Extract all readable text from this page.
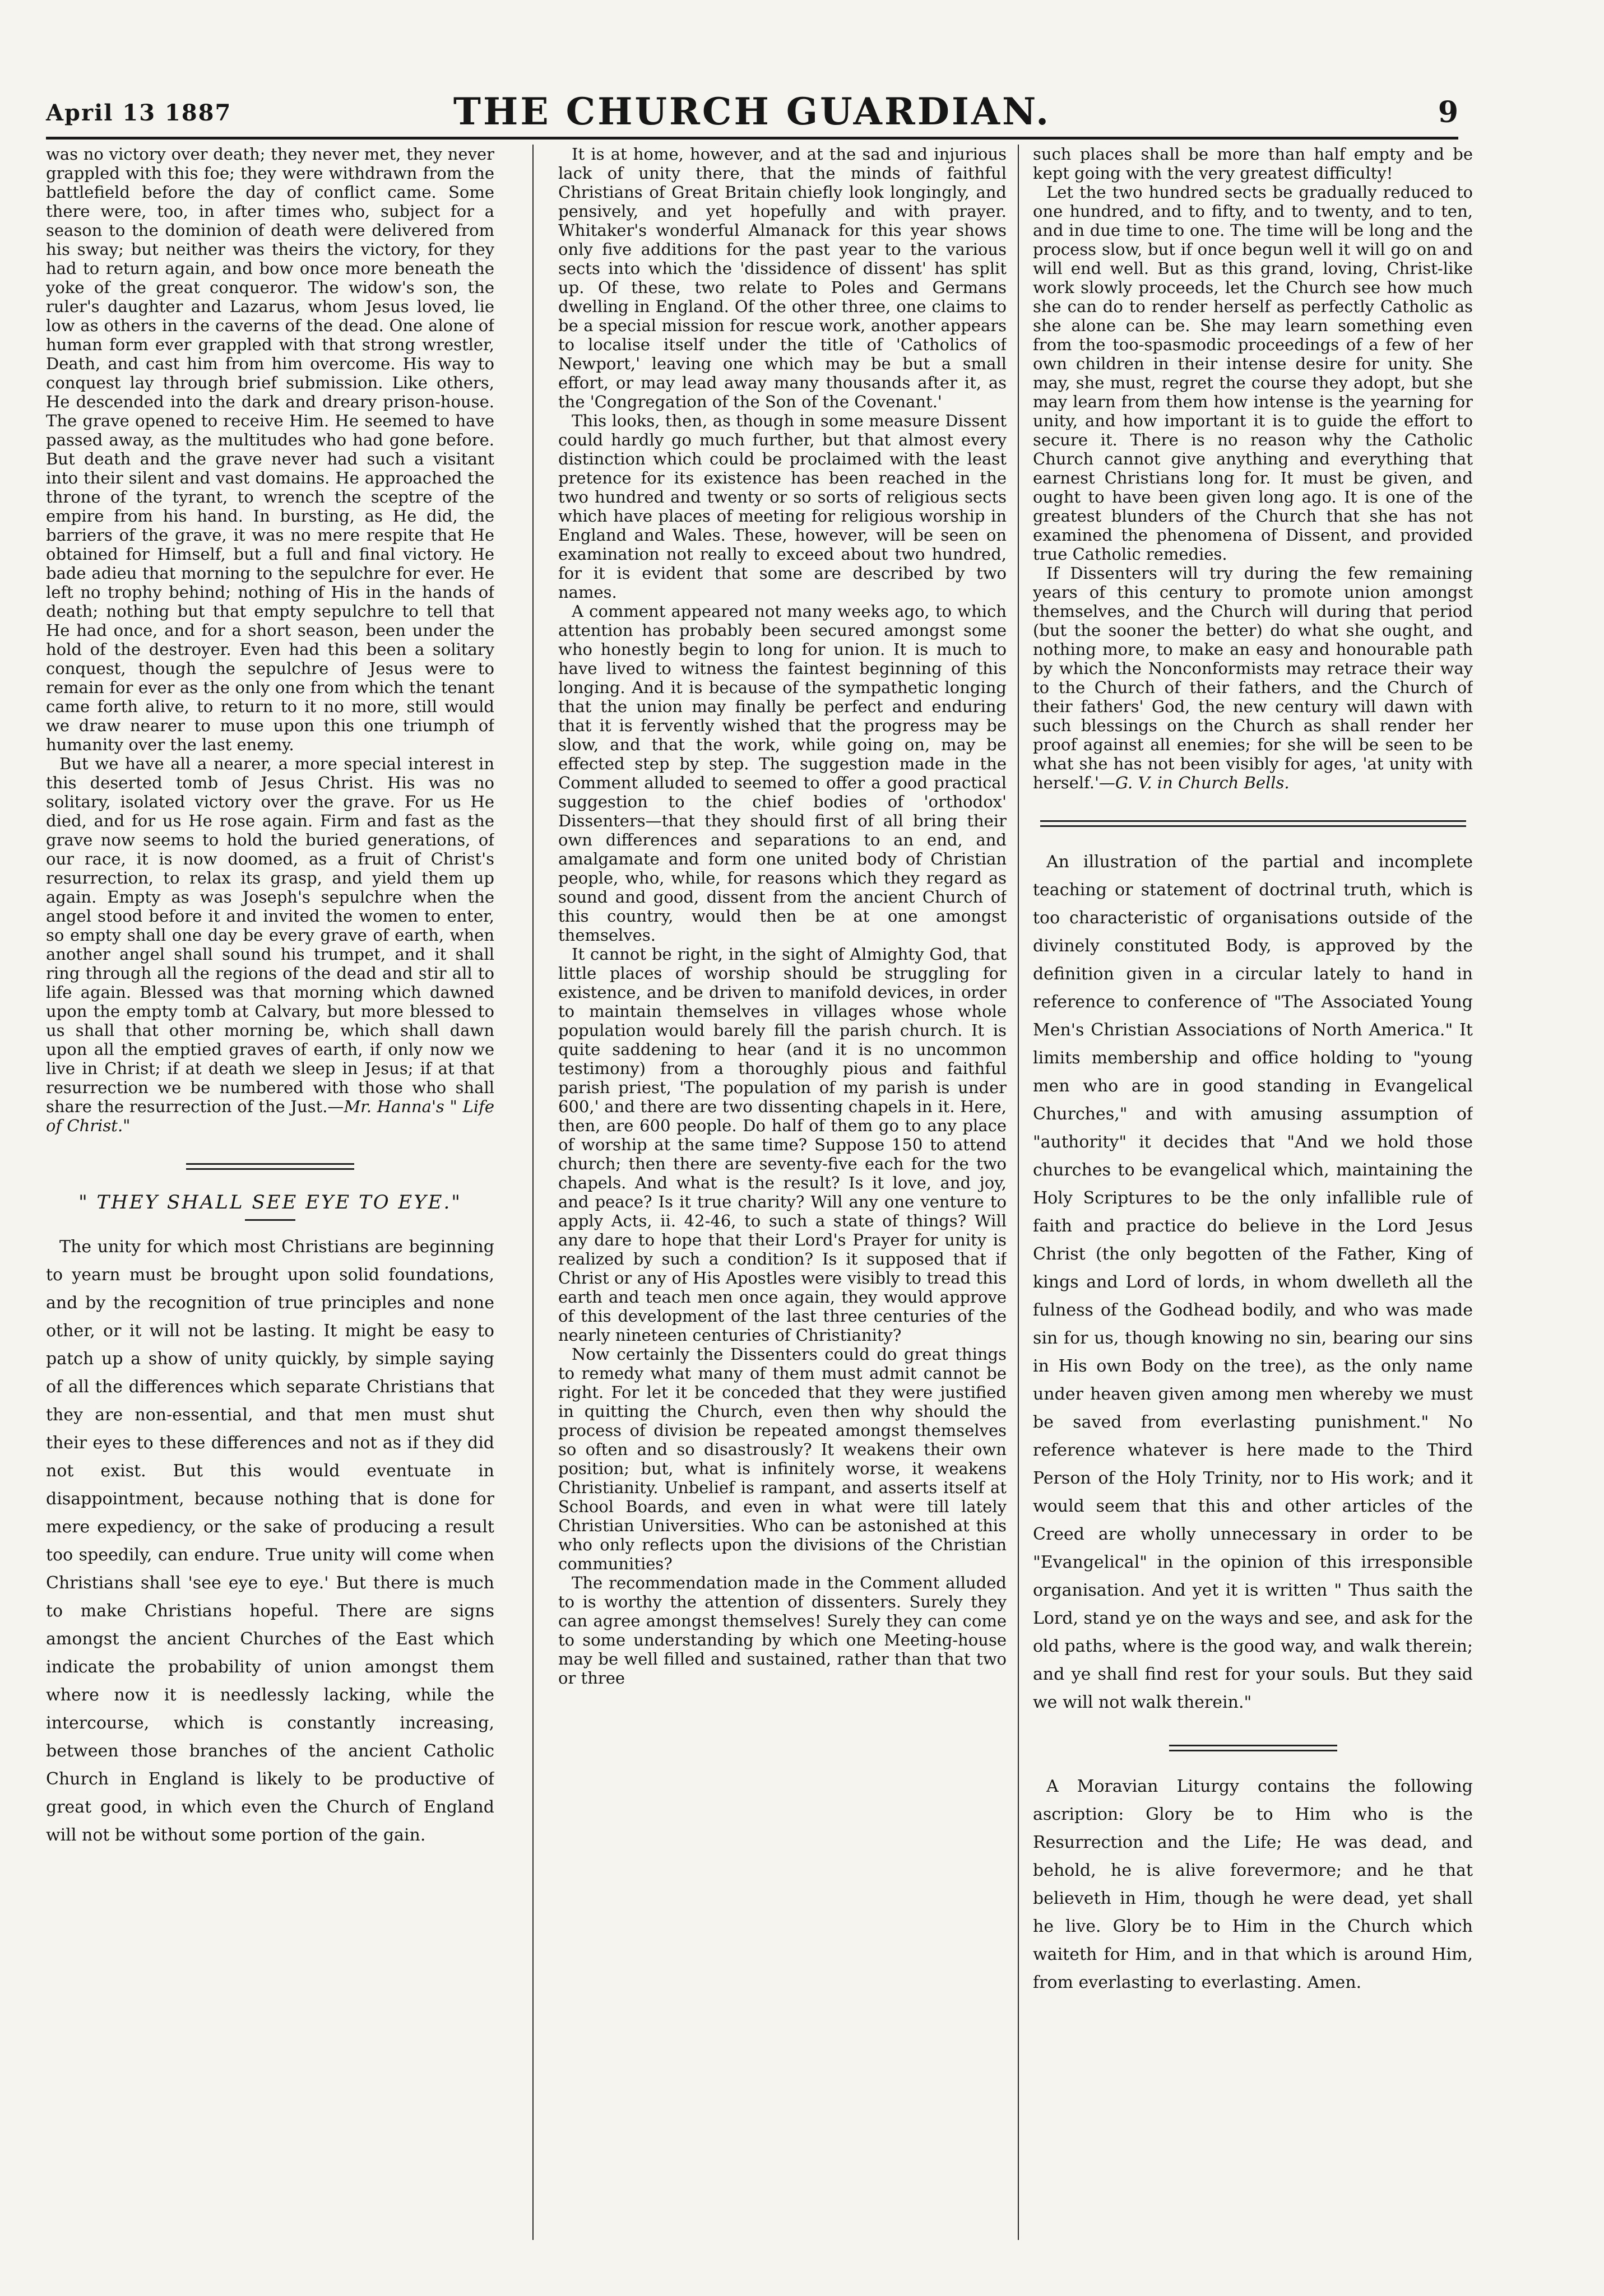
April 13 1887	THE CHURCH GUARDIAN.	9

was no victory over death; they never met, they never grappled with this foe; they were withdrawn from the battlefield before the day of conflict came. Some there were, too, in after times who, subject for a season to the dominion of death were delivered from his sway; but neither was theirs the victory, for they had to return again, and bow once more beneath the yoke of the great conqueror. The widow's son, the ruler's daughter and Lazarus, whom Jesus loved, lie low as others in the caverns of the dead. One alone of human form ever grappled with that strong wrestler, Death, and cast him from him overcome. His way to conquest lay through brief submission. Like others, He descended into the dark and dreary prison-house. The grave opened to receive Him. He seemed to have passed away, as the multitudes who had gone before. But death and the grave never had such a visitant into their silent and vast domains. He approached the throne of the tyrant, to wrench the sceptre of the empire from his hand. In bursting, as He did, the barriers of the grave, it was no mere respite that He obtained for Himself, but a full and final victory. He bade adieu that morning to the sepulchre for ever. He left no trophy behind; nothing of His in the hands of death; nothing but that empty sepulchre to tell that He had once, and for a short season, been under the hold of the destroyer. Even had this been a solitary conquest, though the sepulchre of Jesus were to remain for ever as the only one from which the tenant came forth alive, to return to it no more, still would we draw nearer to muse upon this one triumph of humanity over the last enemy.

But we have all a nearer, a more special interest in this deserted tomb of Jesus Christ. His was no solitary, isolated victory over the grave. For us He died, and for us He rose again. Firm and fast as the grave now seems to hold the buried generations, of our race, it is now doomed, as a fruit of Christ's resurrection, to relax its grasp, and yield them up again. Empty as was Joseph's sepulchre when the angel stood before it and invited the women to enter, so empty shall one day be every grave of earth, when another angel shall sound his trumpet, and it shall ring through all the regions of the dead and stir all to life again. Blessed was that morning which dawned upon the empty tomb at Calvary, but more blessed to us shall that other morning be, which shall dawn upon all the emptied graves of earth, if only now we live in Christ; if at death we sleep in Jesus; if at that resurrection we be numbered with those who shall share the resurrection of the Just.—Mr. Hanna's " Life of Christ."

" THEY SHALL SEE EYE TO EYE."

The unity for which most Christians are beginning to yearn must be brought upon solid foundations, and by the recognition of true principles and none other, or it will not be lasting. It might be easy to patch up a show of unity quickly, by simple saying of all the differences which separate Christians that they are non-essential, and that men must shut their eyes to these differences and not as if they did not exist. But this would eventuate in disappointment, because nothing that is done for mere expediency, or the sake of producing a result too speedily, can endure. True unity will come when Christians shall 'see eye to eye.' But there is much to make Christians hopeful. There are signs amongst the ancient Churches of the East which indicate the probability of union amongst them where now it is needlessly lacking, while the intercourse, which is constantly increasing, between those branches of the ancient Catholic Church in England is likely to be productive of great good, in which even the Church of England will not be without some portion of the gain.

It is at home, however, and at the sad and injurious lack of unity there, that the minds of faithful Christians of Great Britain chiefly look longingly, and pensively, and yet hopefully and with prayer. Whitaker's wonderful Almanack for this year shows only five additions for the past year to the various sects into which the 'dissidence of dissent' has split up. Of these, two relate to Poles and Germans dwelling in England. Of the other three, one claims to be a special mission for rescue work, another appears to localise itself under the title of 'Catholics of Newport,' leaving one which may be but a small effort, or may lead away many thousands after it, as the 'Congregation of the Son of the Covenant.'

This looks, then, as though in some measure Dissent could hardly go much further, but that almost every distinction which could be proclaimed with the least pretence for its existence has been reached in the two hundred and twenty or so sorts of religious sects which have places of meeting for religious worship in England and Wales. These, however, will be seen on examination not really to exceed about two hundred, for it is evident that some are described by two names.

A comment appeared not many weeks ago, to which attention has probably been secured amongst some who honestly begin to long for union. It is much to have lived to witness the faintest beginning of this longing. And it is because of the sympathetic longing that the union may finally be perfect and enduring that it is fervently wished that the progress may be slow, and that the work, while going on, may be effected step by step. The suggestion made in the Comment alluded to seemed to offer a good practical suggestion to the chief bodies of 'orthodox' Dissenters—that they should first of all bring their own differences and separations to an end, and amalgamate and form one united body of Christian people, who, while, for reasons which they regard as sound and good, dissent from the ancient Church of this country, would then be at one amongst themselves.

It cannot be right, in the sight of Almighty God, that little places of worship should be struggling for existence, and be driven to manifold devices, in order to maintain themselves in villages whose whole population would barely fill the parish church. It is quite saddening to hear (and it is no uncommon testimony) from a thoroughly pious and faithful parish priest, 'The population of my parish is under 600,' and there are two dissenting chapels in it. Here, then, are 600 people. Do half of them go to any place of worship at the same time? Suppose 150 to attend church; then there are seventy-five each for the two chapels. And what is the result? Is it love, and joy, and peace? Is it true charity? Will any one venture to apply Acts, ii. 42-46, to such a state of things? Will any dare to hope that their Lord's Prayer for unity is realized by such a condition? Is it supposed that if Christ or any of His Apostles were visibly to tread this earth and teach men once again, they would approve of this development of the last three centuries of the nearly nineteen centuries of Christianity?

Now certainly the Dissenters could do great things to remedy what many of them must admit cannot be right. For let it be conceded that they were justified in quitting the Church, even then why should the process of division be repeated amongst themselves so often and so disastrously? It weakens their own position; but, what is infinitely worse, it weakens Christianity. Unbelief is rampant, and asserts itself at School Boards, and even in what were till lately Christian Universities. Who can be astonished at this who only reflects upon the divisions of the Christian communities?

The recommendation made in the Comment alluded to is worthy the attention of dissenters. Surely they can agree amongst themselves! Surely they can come to some understanding by which one Meeting-house may be well filled and sustained, rather than that two or three

such places shall be more than half empty and be kept going with the very greatest difficulty!

Let the two hundred sects be gradually reduced to one hundred, and to fifty, and to twenty, and to ten, and in due time to one. The time will be long and the process slow, but if once begun well it will go on and will end well. But as this grand, loving, Christ-like work slowly proceeds, let the Church see how much she can do to render herself as perfectly Catholic as she alone can be. She may learn something even from the too-spasmodic proceedings of a few of her own children in their intense desire for unity. She may, she must, regret the course they adopt, but she may learn from them how intense is the yearning for unity, and how important it is to guide the effort to secure it. There is no reason why the Catholic Church cannot give anything and everything that earnest Christians long for. It must be given, and ought to have been given long ago. It is one of the greatest blunders of the Church that she has not examined the phenomena of Dissent, and provided true Catholic remedies.

If Dissenters will try during the few remaining years of this century to promote union amongst themselves, and the Church will during that period (but the sooner the better) do what she ought, and nothing more, to make an easy and honourable path by which the Nonconformists may retrace their way to the Church of their fathers, and the Church of their fathers' God, the new century will dawn with such blessings on the Church as shall render her proof against all enemies; for she will be seen to be what she has not been visibly for ages, 'at unity with herself.'—G. V. in Church Bells.

An illustration of the partial and incomplete teaching or statement of doctrinal truth, which is too characteristic of organisations outside of the divinely constituted Body, is approved by the definition given in a circular lately to hand in reference to conference of "The Associated Young Men's Christian Associations of North America." It limits membership and office holding to "young men who are in good standing in Evangelical Churches," and with amusing assumption of "authority" it decides that "And we hold those churches to be evangelical which, maintaining the Holy Scriptures to be the only infallible rule of faith and practice do believe in the Lord Jesus Christ (the only begotten of the Father, King of kings and Lord of lords, in whom dwelleth all the fulness of the Godhead bodily, and who was made sin for us, though knowing no sin, bearing our sins in His own Body on the tree), as the only name under heaven given among men whereby we must be saved from everlasting punishment." No reference whatever is here made to the Third Person of the Holy Trinity, nor to His work; and it would seem that this and other articles of the Creed are wholly unnecessary in order to be "Evangelical" in the opinion of this irresponsible organisation. And yet it is written " Thus saith the Lord, stand ye on the ways and see, and ask for the old paths, where is the good way, and walk therein; and ye shall find rest for your souls. But they said we will not walk therein."

A Moravian Liturgy contains the following ascription: Glory be to Him who is the Resurrection and the Life; He was dead, and behold, he is alive forevermore; and he that believeth in Him, though he were dead, yet shall he live. Glory be to Him in the Church which waiteth for Him, and in that which is around Him, from everlasting to everlasting. Amen.
